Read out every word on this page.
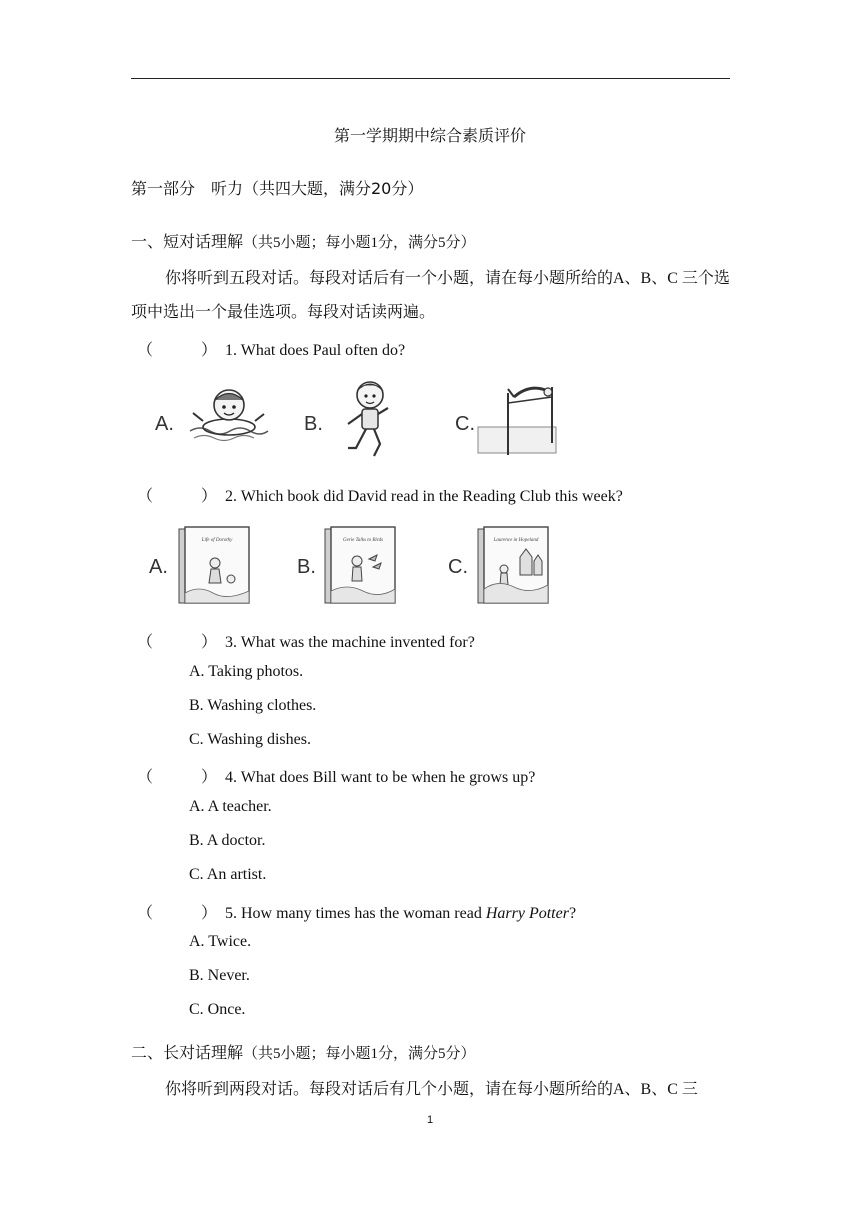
第一学期期中综合素质评价
第一部分　听力（共四大题，满分20分）
一、短对话理解（共5小题；每小题1分，满分5分）
你将听到五段对话。每段对话后有一个小题，请在每小题所给的A、B、C 三个选项中选出一个最佳选项。每段对话读两遍。
（	） 1. What does Paul often do?
A.	B.	C.
（	） 2. Which book did David read in the Reading Club this week?
A.
Life of Dorothy
B.
Gerie Talks to Birds
C.
Laurence in Hopeland
（	） 3. What was the machine invented for?
A. Taking photos.
B. Washing clothes.
C. Washing dishes.
（	） 4. What does Bill want to be when he grows up?
A. A teacher.
B. A doctor.
C. An artist.
（	） 5. How many times has the woman read Harry Potter?
A. Twice.
B. Never.
C. Once.
二、长对话理解（共5小题；每小题1分，满分5分）
你将听到两段对话。每段对话后有几个小题，请在每小题所给的A、B、C 三
1
